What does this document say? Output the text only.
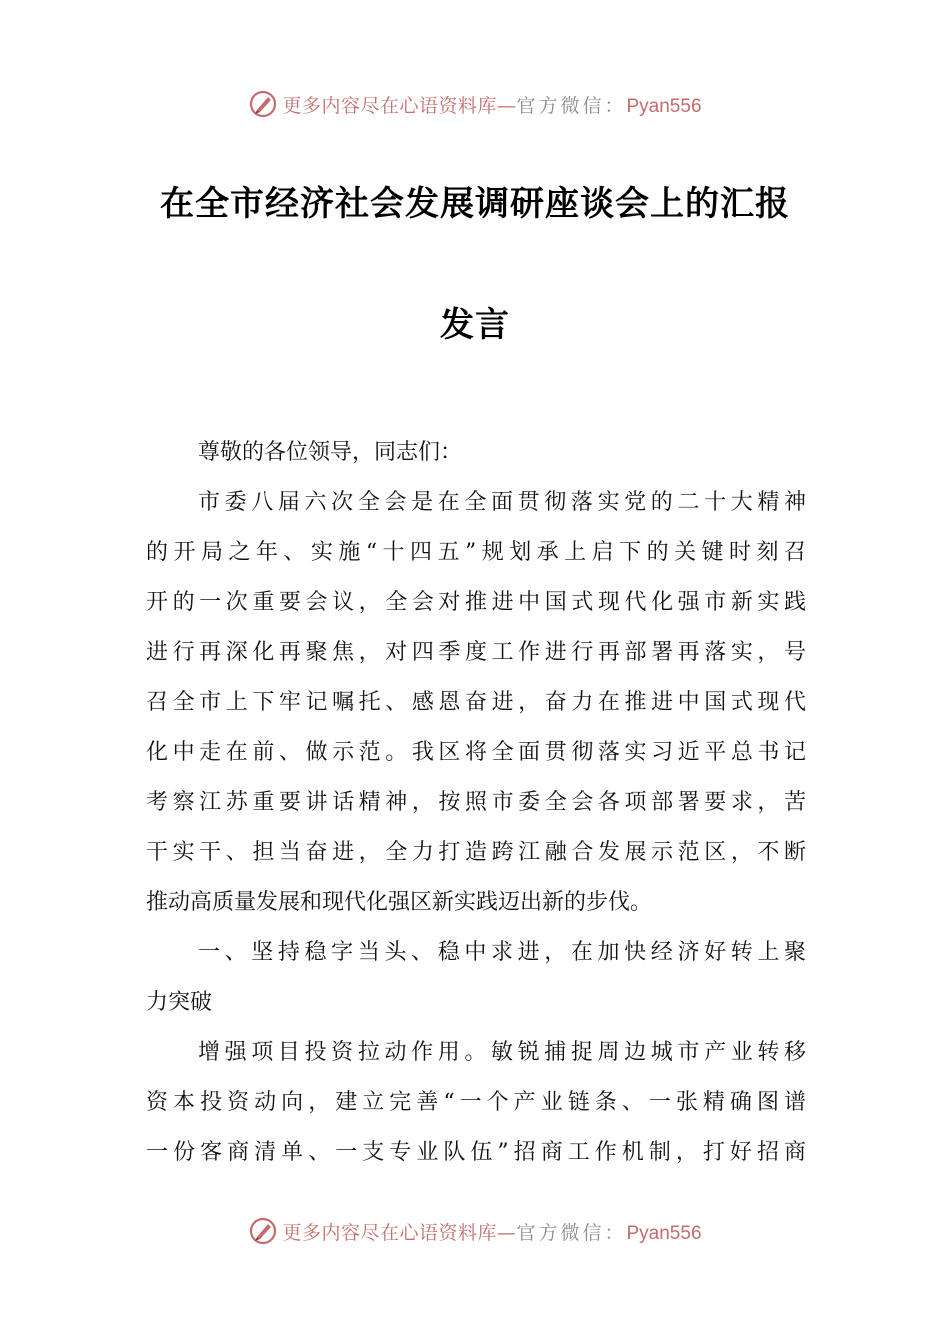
更多内容尽在心语资料库—官方微信：Pyan556
在全市经济社会发展调研座谈会上的汇报
发言
尊敬的各位领导，同志们：
市委八届六次全会是在全面贯彻落实党的二十大精神
的开局之年、实施“十四五”规划承上启下的关键时刻召
开的一次重要会议，全会对推进中国式现代化强市新实践
进行再深化再聚焦，对四季度工作进行再部署再落实，号
召全市上下牢记嘱托、感恩奋进，奋力在推进中国式现代
化中走在前、做示范。我区将全面贯彻落实习近平总书记
考察江苏重要讲话精神，按照市委全会各项部署要求，苦
干实干、担当奋进，全力打造跨江融合发展示范区，不断
推动高质量发展和现代化强区新实践迈出新的步伐。
一、坚持稳字当头、稳中求进，在加快经济好转上聚
力突破
增强项目投资拉动作用。敏锐捕捉周边城市产业转移
资本投资动向，建立完善“一个产业链条、一张精确图谱
一份客商清单、一支专业队伍”招商工作机制，打好招商
更多内容尽在心语资料库—官方微信：Pyan556
